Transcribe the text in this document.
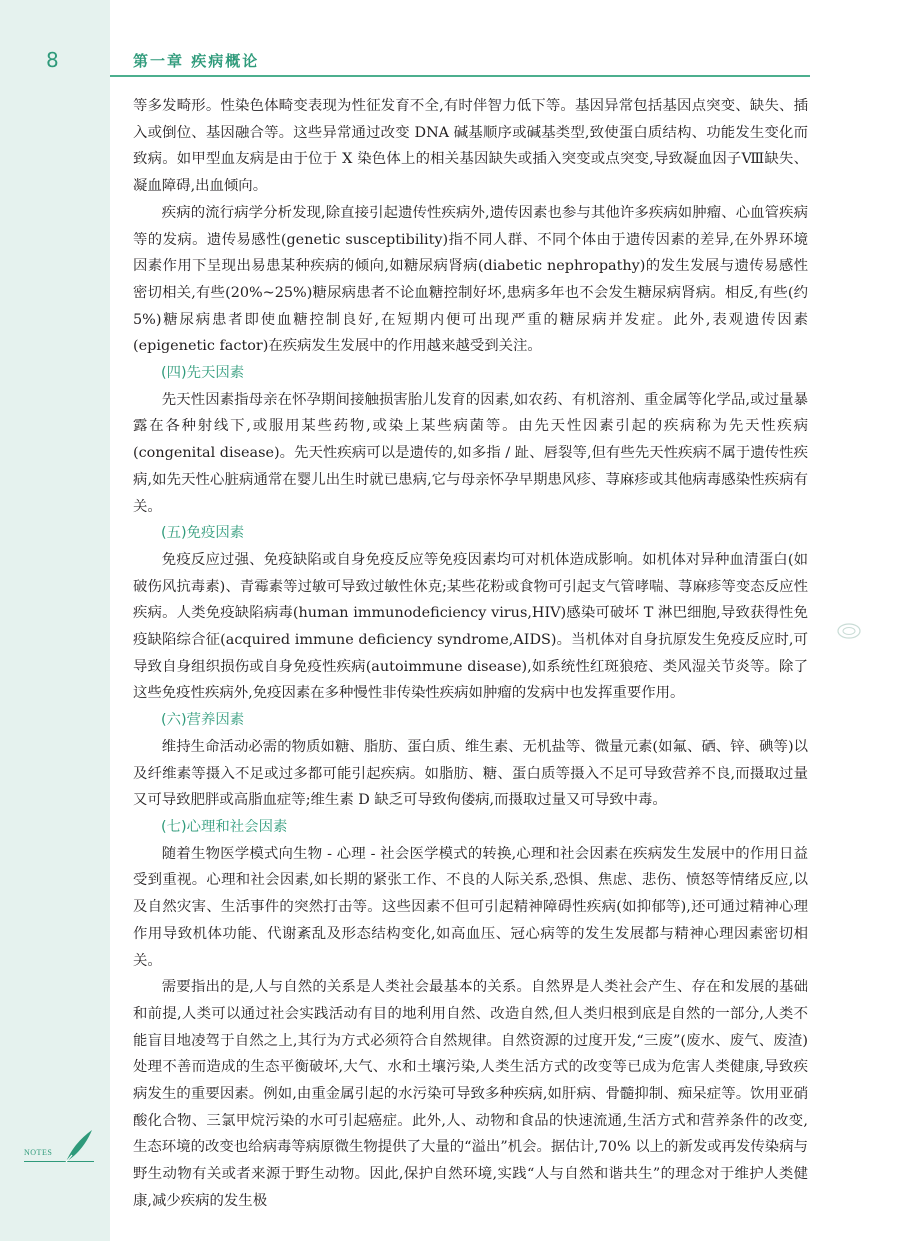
8	第一章 疾病概论

等多发畸形。性染色体畸变表现为性征发育不全,有时伴智力低下等。基因异常包括基因点突变、缺失、插入或倒位、基因融合等。这些异常通过改变 DNA 碱基顺序或碱基类型,致使蛋白质结构、功能发生变化而致病。如甲型血友病是由于位于 X 染色体上的相关基因缺失或插入突变或点突变,导致凝血因子Ⅷ缺失、凝血障碍,出血倾向。

疾病的流行病学分析发现,除直接引起遗传性疾病外,遗传因素也参与其他许多疾病如肿瘤、心血管疾病等的发病。遗传易感性(genetic susceptibility)指不同人群、不同个体由于遗传因素的差异,在外界环境因素作用下呈现出易患某种疾病的倾向,如糖尿病肾病(diabetic nephropathy)的发生发展与遗传易感性密切相关,有些(20%~25%)糖尿病患者不论血糖控制好坏,患病多年也不会发生糖尿病肾病。相反,有些(约 5%)糖尿病患者即使血糖控制良好,在短期内便可出现严重的糖尿病并发症。此外,表观遗传因素(epigenetic factor)在疾病发生发展中的作用越来越受到关注。

(四)先天因素

先天性因素指母亲在怀孕期间接触损害胎儿发育的因素,如农药、有机溶剂、重金属等化学品,或过量暴露在各种射线下,或服用某些药物,或染上某些病菌等。由先天性因素引起的疾病称为先天性疾病(congenital disease)。先天性疾病可以是遗传的,如多指 / 趾、唇裂等,但有些先天性疾病不属于遗传性疾病,如先天性心脏病通常在婴儿出生时就已患病,它与母亲怀孕早期患风疹、荨麻疹或其他病毒感染性疾病有关。

(五)免疫因素

免疫反应过强、免疫缺陷或自身免疫反应等免疫因素均可对机体造成影响。如机体对异种血清蛋白(如破伤风抗毒素)、青霉素等过敏可导致过敏性休克;某些花粉或食物可引起支气管哮喘、荨麻疹等变态反应性疾病。人类免疫缺陷病毒(human immunodeficiency virus,HIV)感染可破坏 T 淋巴细胞,导致获得性免疫缺陷综合征(acquired immune deficiency syndrome,AIDS)。当机体对自身抗原发生免疫反应时,可导致自身组织损伤或自身免疫性疾病(autoimmune disease),如系统性红斑狼疮、类风湿关节炎等。除了这些免疫性疾病外,免疫因素在多种慢性非传染性疾病如肿瘤的发病中也发挥重要作用。

(六)营养因素

维持生命活动必需的物质如糖、脂肪、蛋白质、维生素、无机盐等、微量元素(如氟、硒、锌、碘等)以及纤维素等摄入不足或过多都可能引起疾病。如脂肪、糖、蛋白质等摄入不足可导致营养不良,而摄取过量又可导致肥胖或高脂血症等;维生素 D 缺乏可导致佝偻病,而摄取过量又可导致中毒。

(七)心理和社会因素

随着生物医学模式向生物 - 心理 - 社会医学模式的转换,心理和社会因素在疾病发生发展中的作用日益受到重视。心理和社会因素,如长期的紧张工作、不良的人际关系,恐惧、焦虑、悲伤、愤怒等情绪反应,以及自然灾害、生活事件的突然打击等。这些因素不但可引起精神障碍性疾病(如抑郁等),还可通过精神心理作用导致机体功能、代谢紊乱及形态结构变化,如高血压、冠心病等的发生发展都与精神心理因素密切相关。

需要指出的是,人与自然的关系是人类社会最基本的关系。自然界是人类社会产生、存在和发展的基础和前提,人类可以通过社会实践活动有目的地利用自然、改造自然,但人类归根到底是自然的一部分,人类不能盲目地凌驾于自然之上,其行为方式必须符合自然规律。自然资源的过度开发,“三废”(废水、废气、废渣)处理不善而造成的生态平衡破坏,大气、水和土壤污染,人类生活方式的改变等已成为危害人类健康,导致疾病发生的重要因素。例如,由重金属引起的水污染可导致多种疾病,如肝病、骨髓抑制、痴呆症等。饮用亚硝酸化合物、三氯甲烷污染的水可引起癌症。此外,人、动物和食品的快速流通,生活方式和营养条件的改变,生态环境的改变也给病毒等病原微生物提供了大量的“溢出”机会。据估计,70% 以上的新发或再发传染病与野生动物有关或者来源于野生动物。因此,保护自然环境,实践“人与自然和谐共生”的理念对于维护人类健康,减少疾病的发生极

NOTES
